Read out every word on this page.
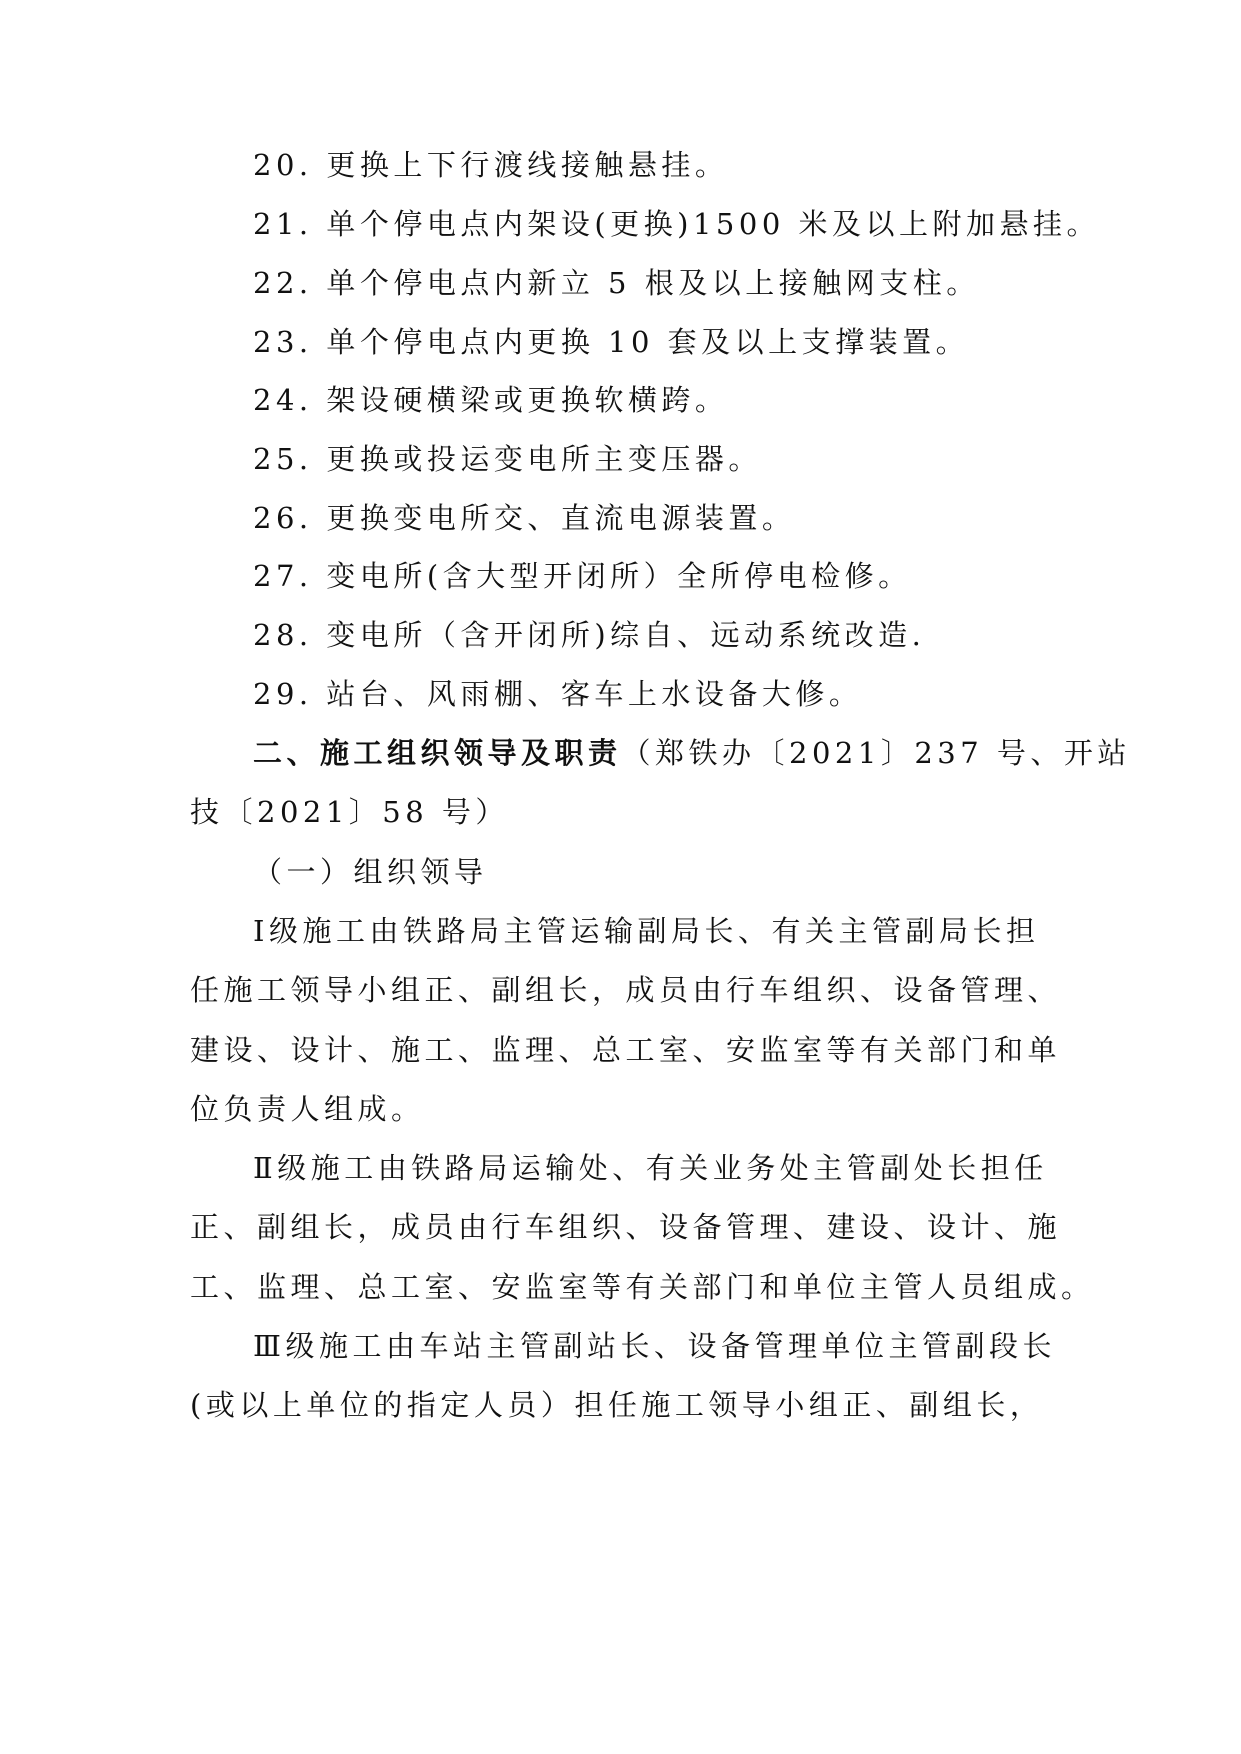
20. 更换上下行渡线接触悬挂。
21. 单个停电点内架设(更换)1500 米及以上附加悬挂。
22. 单个停电点内新立 5 根及以上接触网支柱。
23. 单个停电点内更换 10 套及以上支撑装置。
24. 架设硬横梁或更换软横跨。
25. 更换或投运变电所主变压器。
26. 更换变电所交、直流电源装置。
27. 变电所(含大型开闭所）全所停电检修。
28. 变电所（含开闭所)综自、远动系统改造.
29. 站台、风雨棚、客车上水设备大修。
二、施工组织领导及职责（郑铁办〔2021〕237 号、开站
技〔2021〕58 号）
（一）组织领导
Ⅰ级施工由铁路局主管运输副局长、有关主管副局长担
任施工领导小组正、副组长，成员由行车组织、设备管理、
建设、设计、施工、监理、总工室、安监室等有关部门和单
位负责人组成。
Ⅱ级施工由铁路局运输处、有关业务处主管副处长担任
正、副组长，成员由行车组织、设备管理、建设、设计、施
工、监理、总工室、安监室等有关部门和单位主管人员组成。
Ⅲ级施工由车站主管副站长、设备管理单位主管副段长
(或以上单位的指定人员）担任施工领导小组正、副组长，
